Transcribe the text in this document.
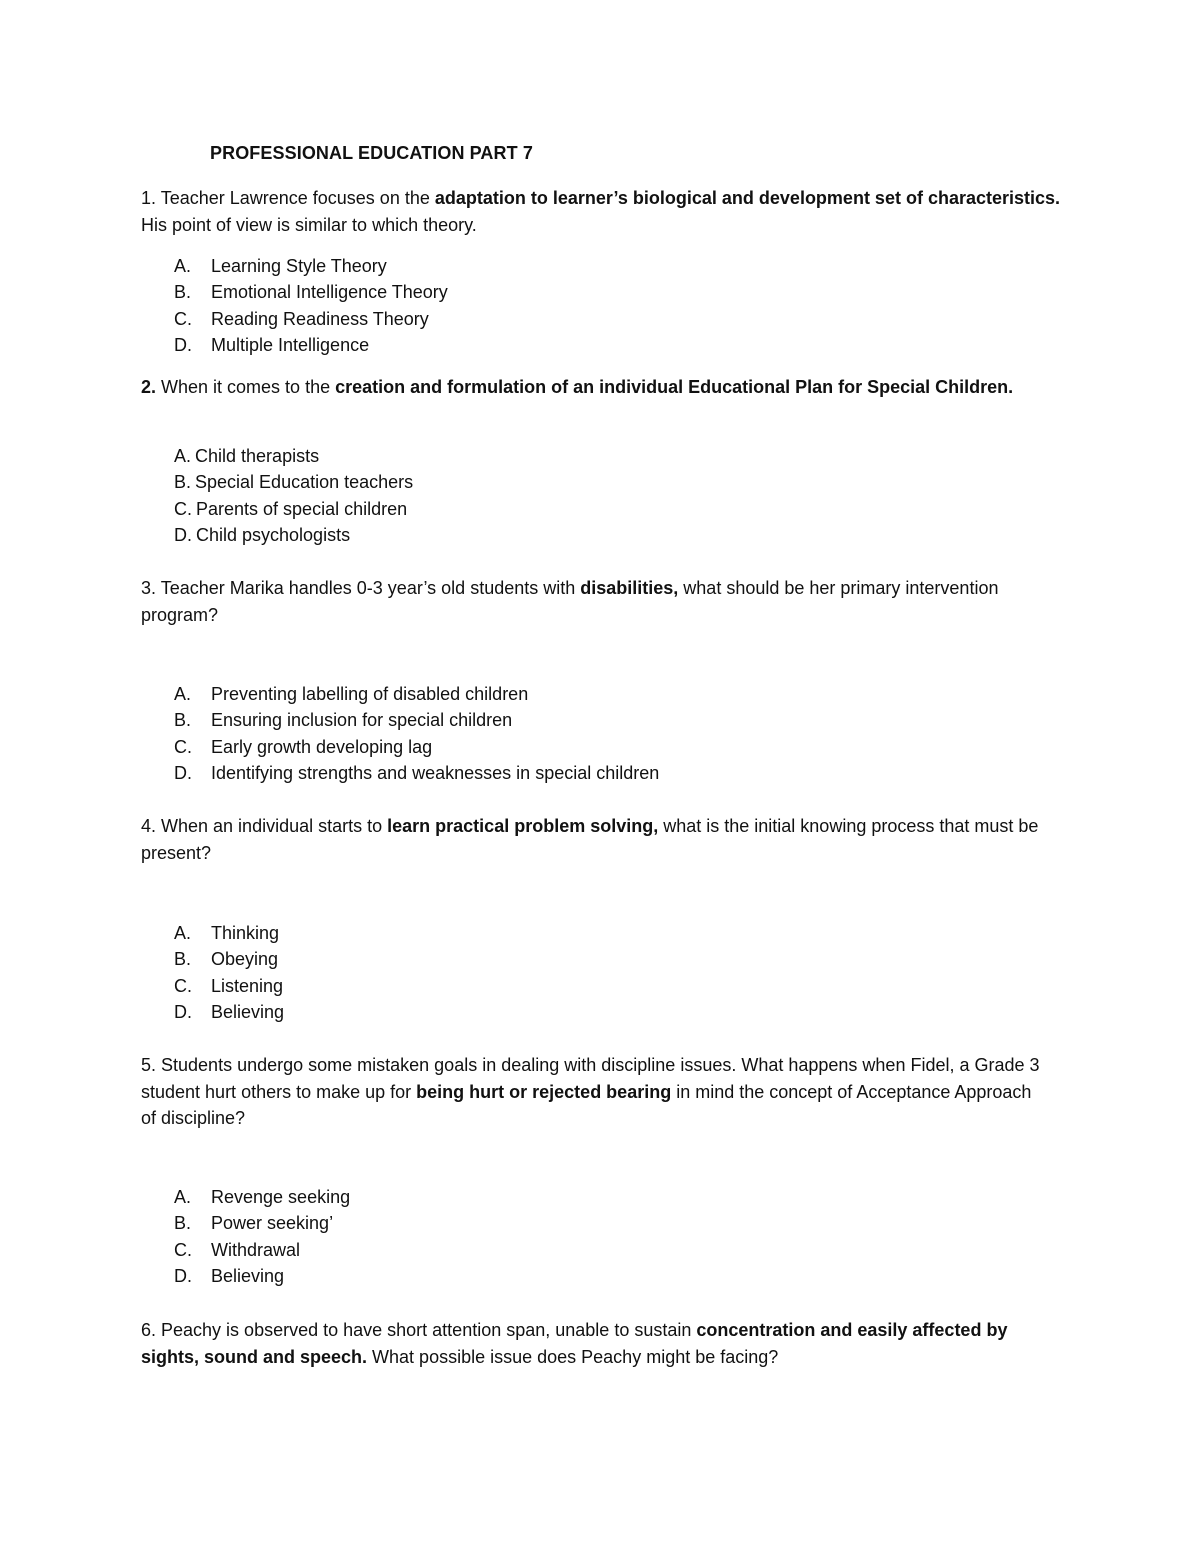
PROFESSIONAL EDUCATION PART 7
1. Teacher Lawrence focuses on the adaptation to learner’s biological and development set of characteristics. His point of view is similar to which theory.
A. Learning Style Theory
B. Emotional Intelligence Theory
C. Reading Readiness Theory
D. Multiple Intelligence
2. When it comes to the creation and formulation of an individual Educational Plan for Special Children.
A. Child therapists
B. Special Education teachers
C. Parents of special children
D. Child psychologists
3. Teacher Marika handles 0-3 year’s old students with disabilities, what should be her primary intervention program?
A. Preventing labelling of disabled children
B. Ensuring inclusion for special children
C. Early growth developing lag
D. Identifying strengths and weaknesses in special children
4. When an individual starts to learn practical problem solving, what is the initial knowing process that must be present?
A. Thinking
B. Obeying
C. Listening
D. Believing
5. Students undergo some mistaken goals in dealing with discipline issues. What happens when Fidel, a Grade 3 student hurt others to make up for being hurt or rejected bearing in mind the concept of Acceptance Approach of discipline?
A. Revenge seeking
B. Power seeking’
C. Withdrawal
D. Believing
6. Peachy is observed to have short attention span, unable to sustain concentration and easily affected by sights, sound and speech. What possible issue does Peachy might be facing?
